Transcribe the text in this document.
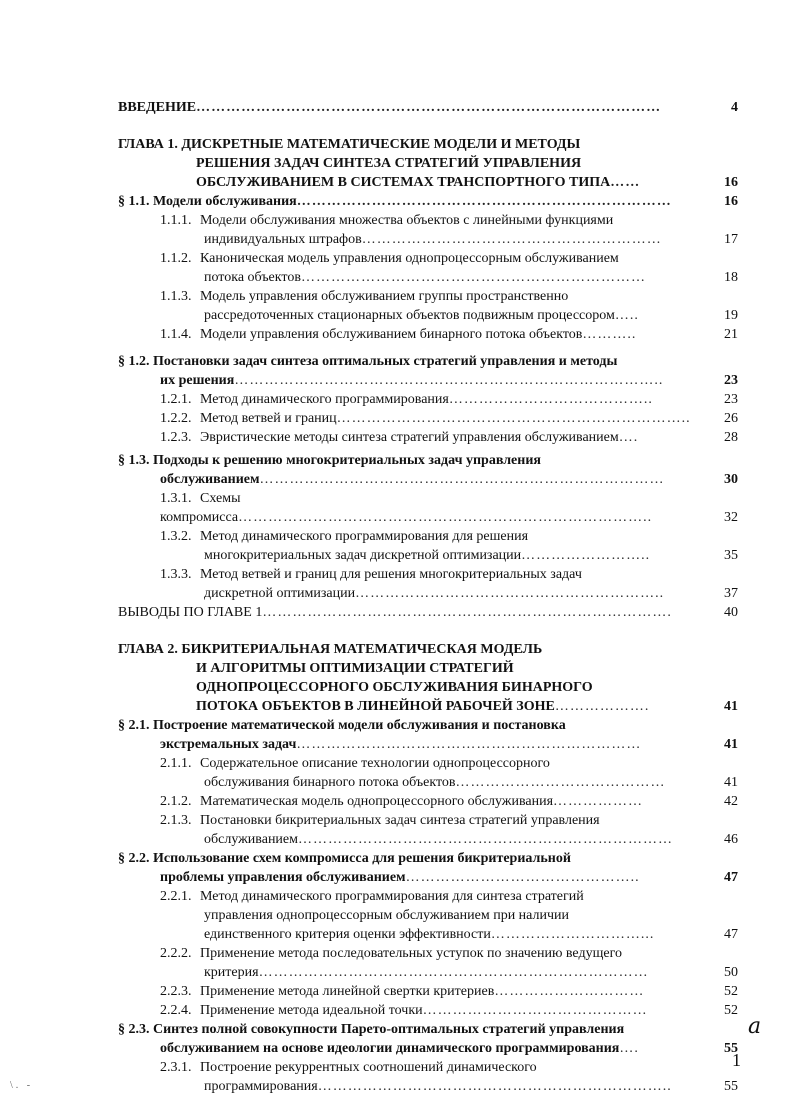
ВВЕДЕНИЕ…………………………………………………………………………………	4
ГЛАВА 1. ДИСКРЕТНЫЕ МАТЕМАТИЧЕСКИЕ МОДЕЛИ И МЕТОДЫ
РЕШЕНИЯ ЗАДАЧ СИНТЕЗА СТРАТЕГИЙ УПРАВЛЕНИЯ
ОБСЛУЖИВАНИЕМ В СИСТЕМАХ ТРАНСПОРТНОГО ТИПА……	16
§ 1.1. Модели обслуживания…………………………………………………………………	16
1.1.1. Модели обслуживания множества объектов с линейными функциями
индивидуальных штрафов……………………………………………………	17
1.1.2. Каноническая модель управления однопроцессорным обслуживанием
потока объектов……………………………………………………………	18
1.1.3. Модель управления обслуживанием группы пространственно
рассредоточенных стационарных объектов подвижным процессором…..	19
1.1.4. Модели управления обслуживанием бинарного потока объектов………..	21
§ 1.2. Постановки задач синтеза оптимальных стратегий управления и методы
их решения…………………………………………………………………………..	23
1.2.1. Метод динамического программирования…………………………………..	23
1.2.2. Метод ветвей и границ……………………………………………………………..	26
1.2.3. Эвристические методы синтеза стратегий управления обслуживанием….	28
§ 1.3. Подходы к решению многокритериальных задач управления
обслуживанием………………………………………………………………………	30
1.3.1. Схемы компромисса………………………………………………………………………..	32
1.3.2. Метод динамического программирования для решения
многокритериальных задач дискретной оптимизации……………………..	35
1.3.3. Метод ветвей и границ для решения многокритериальных задач
дискретной оптимизации……………………………………………………..	37
ВЫВОДЫ ПО ГЛАВЕ 1……………………………………………………………………….	40
ГЛАВА 2. БИКРИТЕРИАЛЬНАЯ МАТЕМАТИЧЕСКАЯ МОДЕЛЬ
И АЛГОРИТМЫ ОПТИМИЗАЦИИ СТРАТЕГИЙ
ОДНОПРОЦЕССОРНОГО ОБСЛУЖИВАНИЯ БИНАРНОГО
ПОТОКА ОБЪЕКТОВ В ЛИНЕЙНОЙ РАБОЧЕЙ ЗОНЕ……………….	41
§ 2.1. Построение математической модели обслуживания и постановка
экстремальных задач……………………………………………………………	41
2.1.1. Содержательное описание технологии однопроцессорного
обслуживания бинарного потока объектов……………………………………	41
2.1.2. Математическая модель однопроцессорного обслуживания………………	42
2.1.3. Постановки бикритериальных задач синтеза стратегий управления
обслуживанием…………………………………………………………………	46
§ 2.2. Использование схем компромисса для решения бикритериальной
проблемы управления обслуживанием………………………………………..	47
2.2.1. Метод динамического программирования для синтеза стратегий
управления однопроцессорным обслуживанием при наличии
единственного критерия оценки эффективности…………………………...	47
2.2.2. Применение метода последовательных уступок по значению ведущего
критерия……………………………………………………………………	50
2.2.3. Применение метода линейной свертки критериев…………………………	52
2.2.4. Применение метода идеальной точки………………………………………	52
§ 2.3. Синтез полной совокупности Парето-оптимальных стратегий управления
обслуживанием на основе идеологии динамического программирования….	55
2.3.1. Построение рекуррентных соотношений динамического
программирования……………………………………………………………..	55
a
1
\. -
